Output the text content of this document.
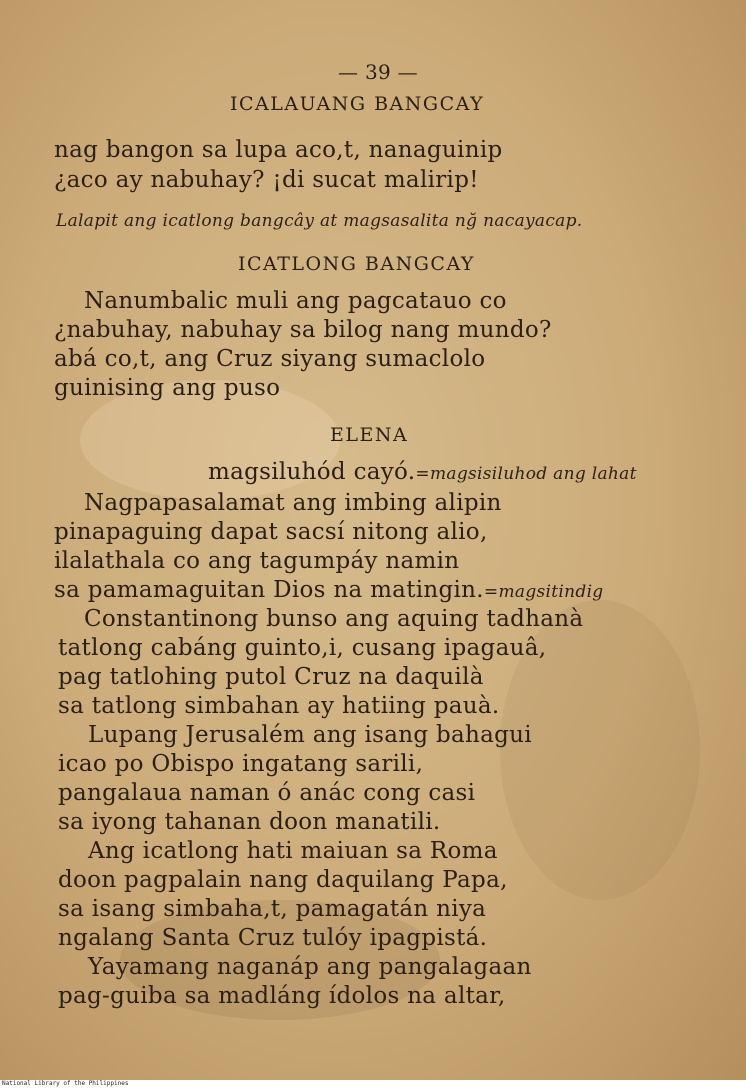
— 39 —
ICALAUANG BANGCAY
nag bangon sa lupa aco,t, nanaguinip
¿aco ay nabuhay? ¡di sucat malirip!
Lalapit ang icatlong bangcây at magsasalita nğ nacayacap.
ICATLONG BANGCAY
Nanumbalic muli ang pagcatauo co
¿nabuhay, nabuhay sa bilog nang mundo?
abá co,t, ang Cruz siyang sumaclolo
guinising ang puso
ELENA
magsiluhód cayó.=magsisiluhod ang lahat
Nagpapasalamat ang imbing alipin
pinapaguing dapat sacsí nitong alio,
ilalathala co ang tagumpáy namin
sa pamamaguitan Dios na matingin.=magsitindig
Constantinong bunso ang aquing tadhanà
tatlong cabáng guinto,i, cusang ipagauâ,
pag tatlohing putol Cruz na daquilà
sa tatlong simbahan ay hatiing pauà.
Lupang Jerusalém ang isang bahagui
icao po Obispo ingatang sarili,
pangalaua naman ó anác cong casi
sa iyong tahanan doon manatili.
Ang icatlong hati maiuan sa Roma
doon pagpalain nang daquilang Papa,
sa isang simbaha,t, pamagatán niya
ngalang Santa Cruz tulóy ipagpistá.
Yayamang naganáp ang pangalagaan
pag-guiba sa madláng ídolos na altar,
National Library of the Philippines
